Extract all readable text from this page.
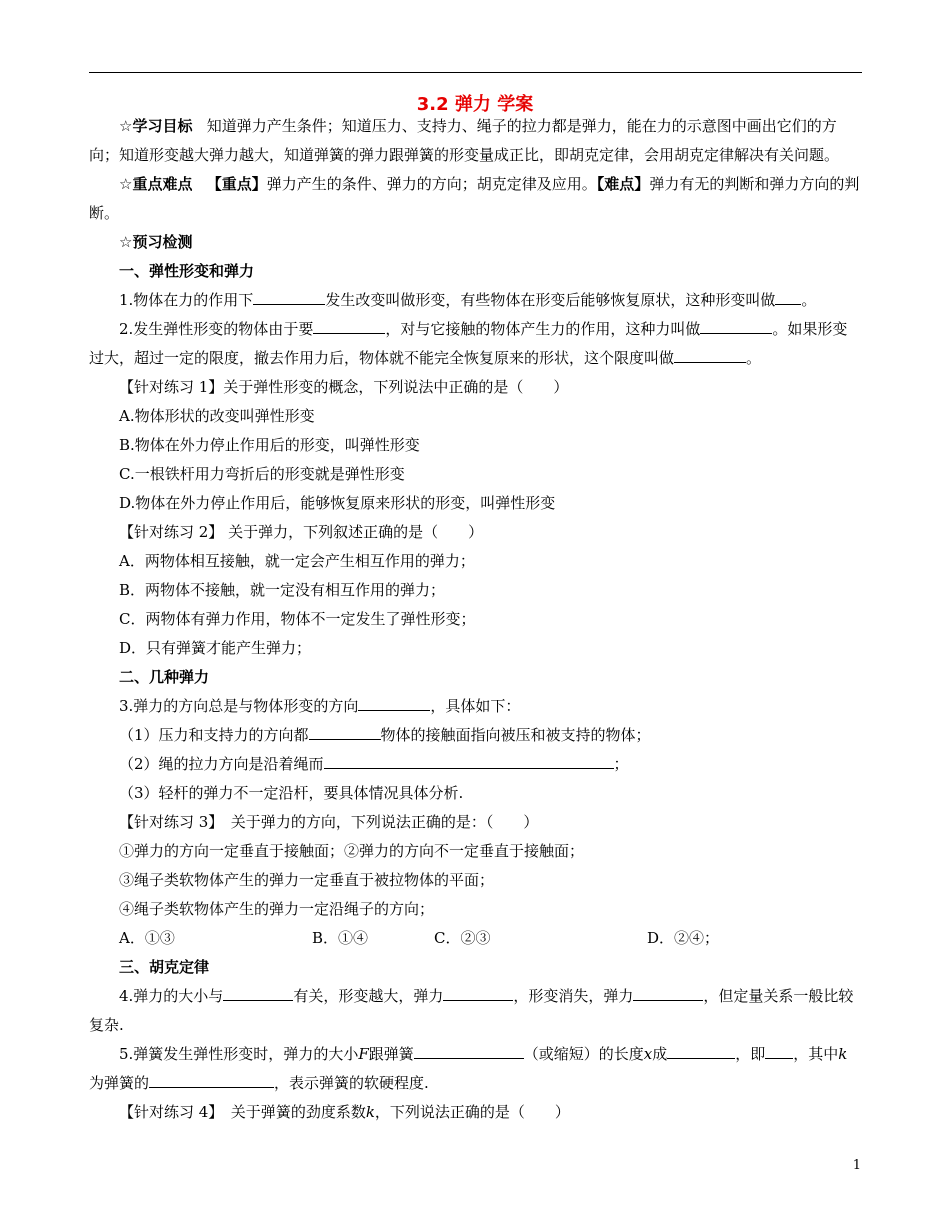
3.2 弹力 学案

☆学习目标 知道弹力产生条件；知道压力、支持力、绳子的拉力都是弹力，能在力的示意图中画出它们的方向；知道形变越大弹力越大，知道弹簧的弹力跟弹簧的形变量成正比，即胡克定律，会用胡克定律解决有关问题。

☆重点难点 【重点】弹力产生的条件、弹力的方向；胡克定律及应用。【难点】弹力有无的判断和弹力方向的判断。

☆预习检测

一、弹性形变和弹力

1.物体在力的作用下	发生改变叫做形变，有些物体在形变后能够恢复原状，这种形变叫做 。

2.发生弹性形变的物体由于要	，对与它接触的物体产生力的作用，这种力叫做	。如果形变过大，超过一定的限度，撤去作用力后，物体就不能完全恢复原来的形状，这个限度叫做	。

【针对练习 1】关于弹性形变的概念，下列说法中正确的是（　　）

A.物体形状的改变叫弹性形变

B.物体在外力停止作用后的形变，叫弹性形变

C.一根铁杆用力弯折后的形变就是弹性形变

D.物体在外力停止作用后，能够恢复原来形状的形变，叫弹性形变

【针对练习 2】 关于弹力，下列叙述正确的是（　　）

A．两物体相互接触，就一定会产生相互作用的弹力；

B．两物体不接触，就一定没有相互作用的弹力；

C．两物体有弹力作用，物体不一定发生了弹性形变；

D．只有弹簧才能产生弹力；

二、几种弹力

3.弹力的方向总是与物体形变的方向	，具体如下：

（1）压力和支持力的方向都	物体的接触面指向被压和被支持的物体；

（2）绳的拉力方向是沿着绳而	；

（3）轻杆的弹力不一定沿杆，要具体情况具体分析.

【针对练习 3】　关于弹力的方向，下列说法正确的是：（　　）

①弹力的方向一定垂直于接触面；②弹力的方向不一定垂直于接触面；

③绳子类软物体产生的弹力一定垂直于被拉物体的平面；

④绳子类软物体产生的弹力一定沿绳子的方向；

A．①③	B．①④	C．②③	D．②④；

三、胡克定律

4.弹力的大小与	有关，形变越大，弹力	，形变消失，弹力	，但定量关系一般比较复杂.

5.弹簧发生弹性形变时，弹力的大小F跟弹簧	（或缩短）的长度x成	，即 ，其中k为弹簧的	，表示弹簧的软硬程度.

【针对练习 4】　关于弹簧的劲度系数k，下列说法正确的是（　　）

1
